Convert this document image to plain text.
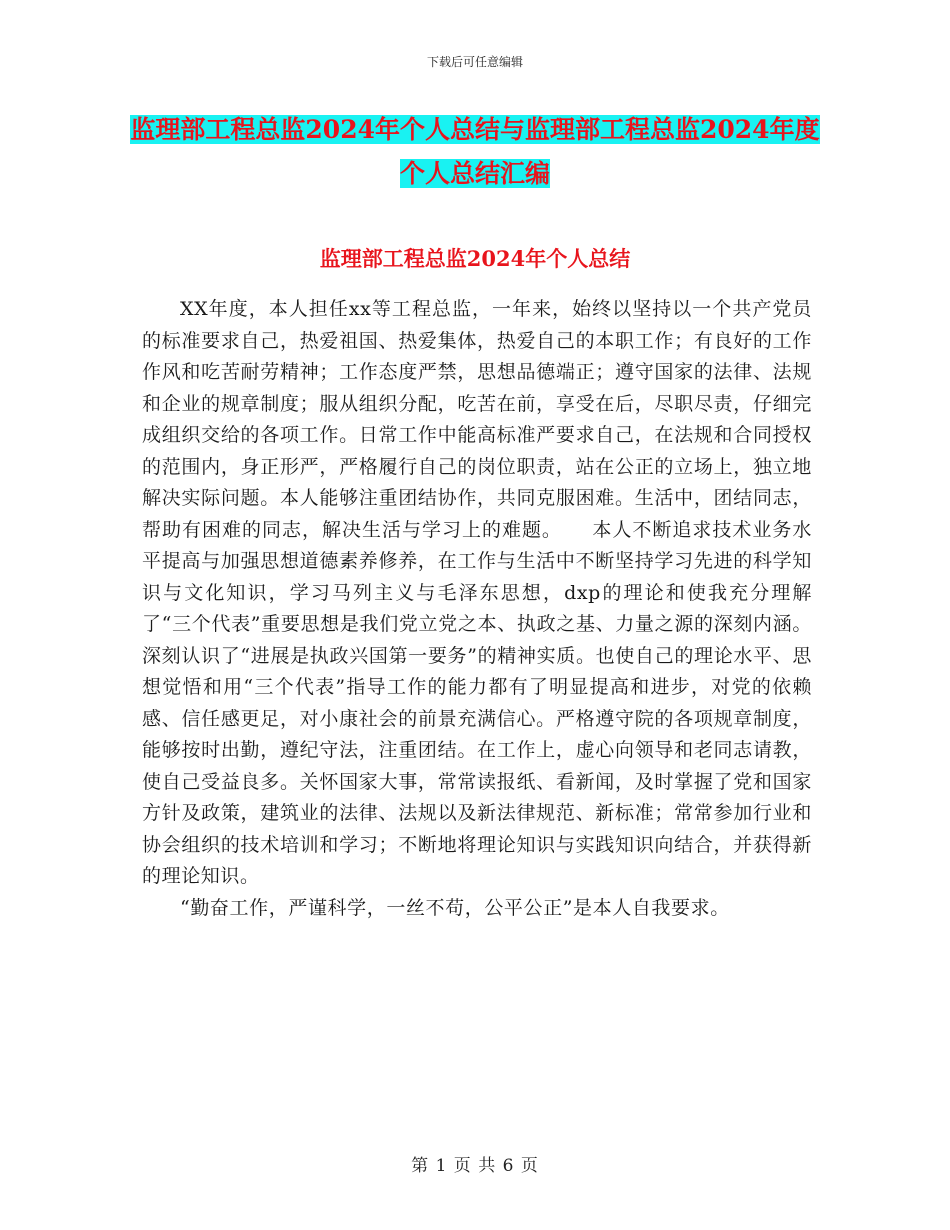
下载后可任意编辑
监理部工程总监2024年个人总结与监理部工程总监2024年度个人总结汇编
监理部工程总监2024年个人总结

XX年度，本人担任xx等工程总监，一年来，始终以坚持以一个共产党员的标准要求自己，热爱祖国、热爱集体，热爱自己的本职工作；有良好的工作作风和吃苦耐劳精神；工作态度严禁，思想品德端正；遵守国家的法律、法规和企业的规章制度；服从组织分配，吃苦在前，享受在后，尽职尽责，仔细完成组织交给的各项工作。日常工作中能高标准严要求自己，在法规和合同授权的范围内，身正形严，严格履行自己的岗位职责，站在公正的立场上，独立地解决实际问题。本人能够注重团结协作，共同克服困难。生活中，团结同志，帮助有困难的同志，解决生活与学习上的难题。　　本人不断追求技术业务水平提高与加强思想道德素养修养，在工作与生活中不断坚持学习先进的科学知识与文化知识，学习马列主义与毛泽东思想，dxp的理论和使我充分理解了“三个代表”重要思想是我们党立党之本、执政之基、力量之源的深刻内涵。深刻认识了“进展是执政兴国第一要务”的精神实质。也使自己的理论水平、思想觉悟和用“三个代表”指导工作的能力都有了明显提高和进步，对党的依赖感、信任感更足，对小康社会的前景充满信心。严格遵守院的各项规章制度，能够按时出勤，遵纪守法，注重团结。在工作上，虚心向领导和老同志请教，使自己受益良多。关怀国家大事，常常读报纸、看新闻，及时掌握了党和国家方针及政策，建筑业的法律、法规以及新法律规范、新标准；常常参加行业和协会组织的技术培训和学习；不断地将理论知识与实践知识向结合，并获得新的理论知识。

“勤奋工作，严谨科学，一丝不苟，公平公正”是本人自我要求。

第 1 页 共 6 页
